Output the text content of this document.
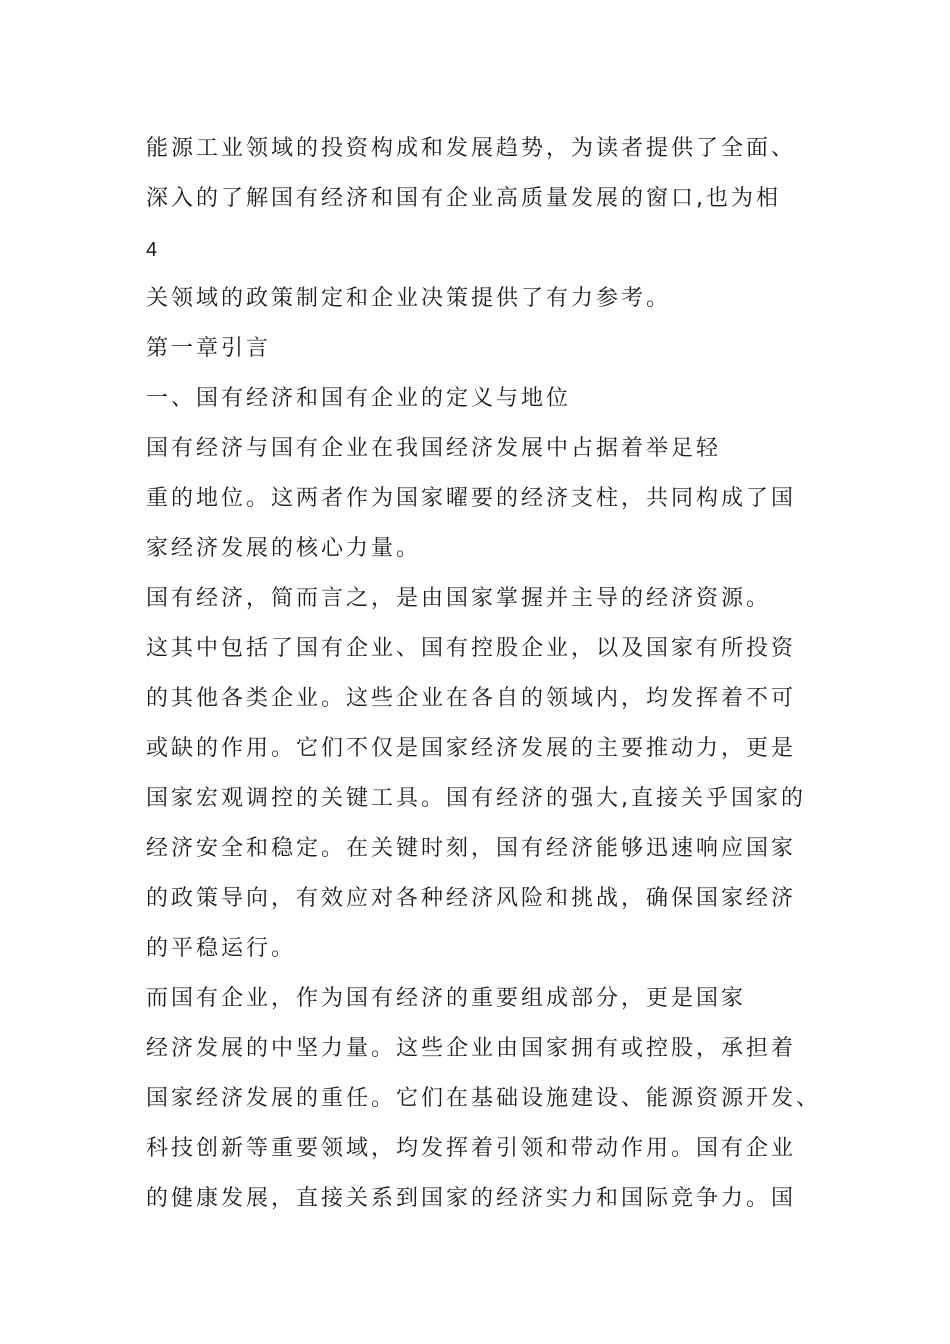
能源工业领域的投资构成和发展趋势，为读者提供了全面、
深入的了解国有经济和国有企业高质量发展的窗口,也为相
4
关领域的政策制定和企业决策提供了有力参考。
第一章引言
一、国有经济和国有企业的定义与地位
国有经济与国有企业在我国经济发展中占据着举足轻
重的地位。这两者作为国家曜要的经济支柱，共同构成了国
家经济发展的核心力量。
国有经济，简而言之，是由国家掌握并主导的经济资源。
这其中包括了国有企业、国有控股企业，以及国家有所投资
的其他各类企业。这些企业在各自的领域内，均发挥着不可
或缺的作用。它们不仅是国家经济发展的主要推动力，更是
国家宏观调控的关键工具。国有经济的强大,直接关乎国家的
经济安全和稳定。在关键时刻，国有经济能够迅速响应国家
的政策导向，有效应对各种经济风险和挑战，确保国家经济
的平稳运行。
而国有企业，作为国有经济的重要组成部分，更是国家
经济发展的中坚力量。这些企业由国家拥有或控股，承担着
国家经济发展的重任。它们在基础设施建设、能源资源开发、
科技创新等重要领域，均发挥着引领和带动作用。国有企业
的健康发展，直接关系到国家的经济实力和国际竞争力。国
